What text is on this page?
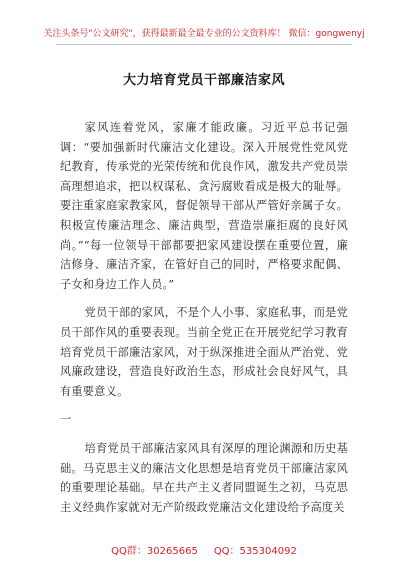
关注头条号"公文研究"，获得最新最全最专业的公文资料库！ 微信：gongwenyj
大力培育党员干部廉洁家风

家风连着党风，家廉才能政廉。习近平总书记强调：“要加强新时代廉洁文化建设。深入开展党性党风党纪教育，传承党的光荣传统和优良作风，激发共产党员崇高理想追求，把以权谋私、贪污腐败看成是极大的耻辱。要注重家庭家教家风，督促领导干部从严管好亲属子女。积极宣传廉洁理念、廉洁典型，营造崇廉拒腐的良好风尚。”“每一位领导干部都要把家风建设摆在重要位置，廉洁修身、廉洁齐家，在管好自己的同时，严格要求配偶、子女和身边工作人员。”

党员干部的家风，不是个人小事、家庭私事，而是党员干部作风的重要表现。当前全党正在开展党纪学习教育培育党员干部廉洁家风，对于纵深推进全面从严治党、党风廉政建设，营造良好政治生态，形成社会良好风气，具有重要意义。

一

培育党员干部廉洁家风具有深厚的理论渊源和历史基础。马克思主义的廉洁文化思想是培育党员干部廉洁家风的重要理论基础。早在共产主义者同盟诞生之初，马克思主义经典作家就对无产阶级政党廉洁文化建设给予高度关

QQ群：30265665 QQ：535304092
